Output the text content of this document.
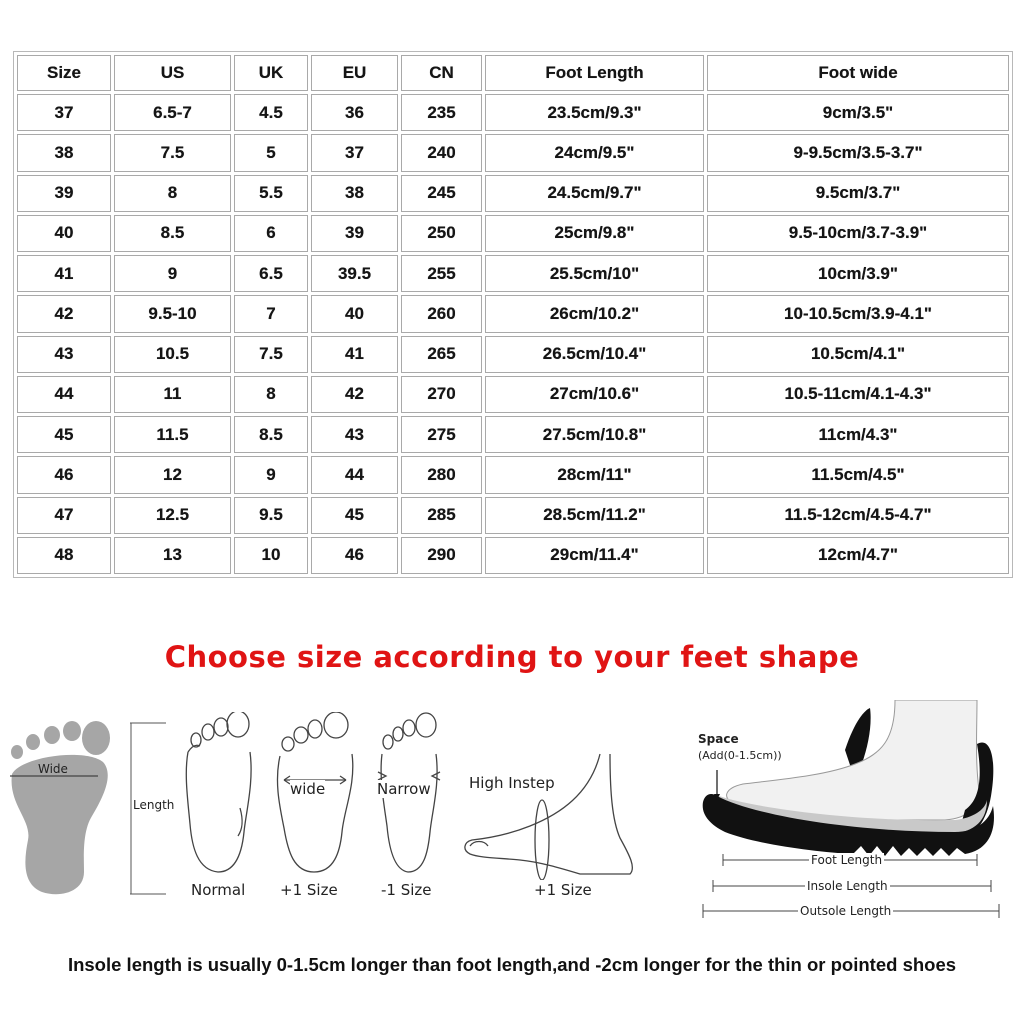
Size	US	UK	EU	CN	Foot Length	Foot wide
37	6.5-7	4.5	36	235	23.5cm/9.3"	9cm/3.5"
38	7.5	5	37	240	24cm/9.5"	9-9.5cm/3.5-3.7"
39	8	5.5	38	245	24.5cm/9.7"	9.5cm/3.7"
40	8.5	6	39	250	25cm/9.8"	9.5-10cm/3.7-3.9"
41	9	6.5	39.5	255	25.5cm/10"	10cm/3.9"
42	9.5-10	7	40	260	26cm/10.2"	10-10.5cm/3.9-4.1"
43	10.5	7.5	41	265	26.5cm/10.4"	10.5cm/4.1"
44	11	8	42	270	27cm/10.6"	10.5-11cm/4.1-4.3"
45	11.5	8.5	43	275	27.5cm/10.8"	11cm/4.3"
46	12	9	44	280	28cm/11"	11.5cm/4.5"
47	12.5	9.5	45	285	28.5cm/11.2"	11.5-12cm/4.5-4.7"
48	13	10	46	290	29cm/11.4"	12cm/4.7"
Choose size according to your feet shape
Wide
Length
Normal
wide
+1 Size
Narrow
-1 Size
High Instep
+1 Size
Space
(Add(0-1.5cm))
Foot Length
Insole Length
Outsole Length

Insole length is usually 0-1.5cm longer than foot length,and -2cm longer for the thin or pointed shoes
